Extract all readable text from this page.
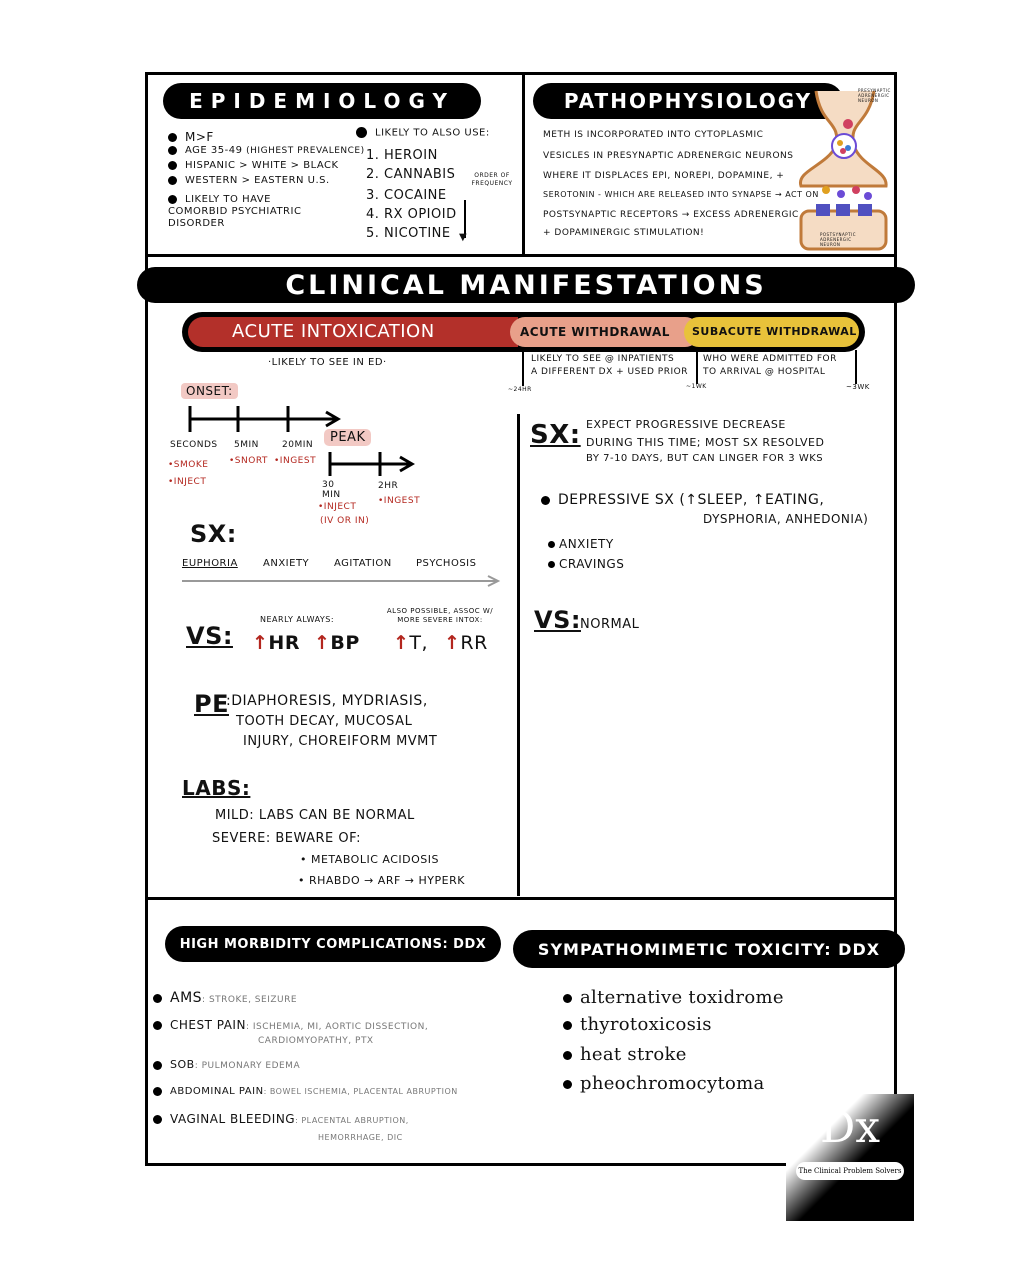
EPIDEMIOLOGY
M>F
AGE 35-49 (HIGHEST PREVALENCE)
HISPANIC > WHITE > BLACK
WESTERN > EASTERN U.S.
LIKELY TO HAVE COMORBID PSYCHIATRIC DISORDER
LIKELY TO ALSO USE:
1. HEROIN
2. CANNABIS
3. COCAINE
4. RX OPIOID
5. NICOTINE
ORDER OF FREQUENCY
▼
PATHOPHYSIOLOGY
METH IS INCORPORATED INTO CYTOPLASMIC
VESICLES IN PRESYNAPTIC ADRENERGIC NEURONS
WHERE IT DISPLACES EPI, NOREPI, DOPAMINE, +
SEROTONIN - WHICH ARE RELEASED INTO SYNAPSE → ACT ON
POSTSYNAPTIC RECEPTORS → EXCESS ADRENERGIC
+ DOPAMINERGIC STIMULATION!
PRESYNAPTIC ADRENERGIC NEURON
POSTSYNAPTIC ADRENERGIC NEURON
CLINICAL MANIFESTATIONS
ACUTE INTOXICATION	ACUTE WITHDRAWAL SUBACUTE WITHDRAWAL
·LIKELY TO SEE IN ED·	LIKELY TO SEE @ INPATIENTS
A DIFFERENT DX + USED PRIOR
WHO WERE ADMITTED FOR
TO ARRIVAL @ HOSPITAL
~24HR	~1WK	~3WK
ONSET:
SECONDS 5MIN	20MIN
•SMOKE
•INJECT
•SNORT •INGEST
PEAK
30 MIN
•INJECT
(IV OR IN)
2HR
•INGEST
SX:
EUPHORIA	ANXIETY AGITATION PSYCHOSIS
VS:
NEARLY ALWAYS:
↑HR ↑BP
ALSO POSSIBLE, ASSOC W/ MORE SEVERE INTOX:
↑T, ↑RR
PE
:DIAPHORESIS, MYDRIASIS,
TOOTH DECAY, MUCOSAL
INJURY, CHOREIFORM MVMT
LABS:
MILD: LABS CAN BE NORMAL
SEVERE: BEWARE OF:
• METABOLIC ACIDOSIS
• RHABDO → ARF → HYPERK
SX: EXPECT PROGRESSIVE DECREASE
DURING THIS TIME; MOST SX RESOLVED
BY 7-10 DAYS, BUT CAN LINGER FOR 3 WKS
DEPRESSIVE SX (↑SLEEP, ↑EATING,
DYSPHORIA, ANHEDONIA)
ANXIETY
CRAVINGS
VS: NORMAL
HIGH MORBIDITY COMPLICATIONS: DDX
AMS: STROKE, SEIZURE
CHEST PAIN: ISCHEMIA, MI, AORTIC DISSECTION,
CARDIOMYOPATHY, PTX
SOB: PULMONARY EDEMA
ABDOMINAL PAIN: BOWEL ISCHEMIA, PLACENTAL ABRUPTION
VAGINAL BLEEDING: PLACENTAL ABRUPTION,
HEMORRHAGE, DIC
SYMPATHOMIMETIC TOXICITY: DDX
alternative toxidrome
thyrotoxicosis
heat stroke
pheochromocytoma
Dx
The Clinical Problem Solvers
